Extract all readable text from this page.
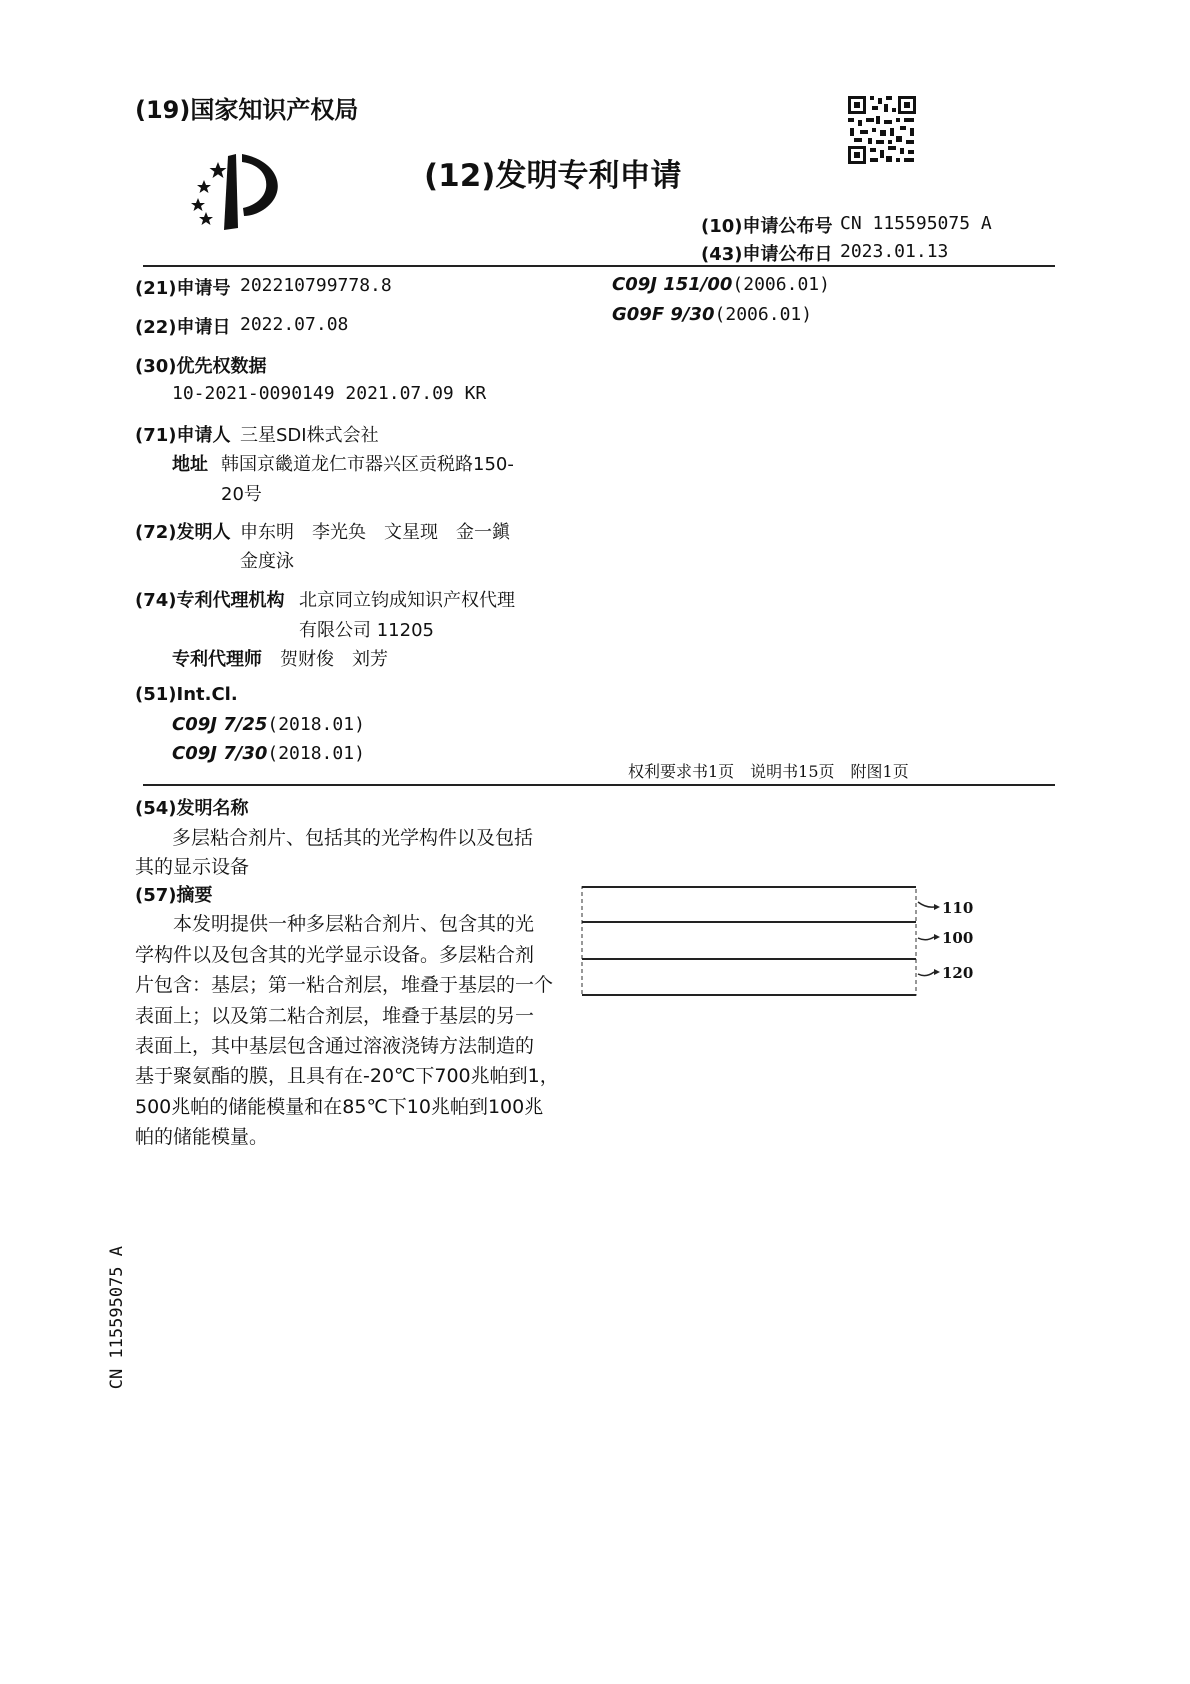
(19)国家知识产权局
(12)发明专利申请
(10)申请公布号 CN 115595075 A
(43)申请公布日 2023.01.13
(21)申请号 202210799778.8
(22)申请日 2022.07.08
(30)优先权数据
10-2021-0090149 2021.07.09 KR
(71)申请人 三星SDI株式会社
地址 韩国京畿道龙仁市器兴区贡税路150-
20号
(72)发明人 申东明　李光奂　文星现　金一鎭
金度泳
(74)专利代理机构 北京同立钧成知识产权代理
有限公司 11205
专利代理师 贺财俊　刘芳
(51)Int.Cl.
C09J 7/25(2018.01)
C09J 7/30(2018.01)
C09J 151/00(2006.01)
G09F 9/30(2006.01)
权利要求书1页　说明书15页　附图1页
(54)发明名称
多层粘合剂片、包括其的光学构件以及包括
其的显示设备
(57)摘要
　　本发明提供一种多层粘合剂片、包含其的光
学构件以及包含其的光学显示设备。多层粘合剂
片包含：基层；第一粘合剂层，堆叠于基层的一个
表面上；以及第二粘合剂层，堆叠于基层的另一
表面上，其中基层包含通过溶液浇铸方法制造的
基于聚氨酯的膜，且具有在-20℃下700兆帕到1，
500兆帕的储能模量和在85℃下10兆帕到100兆
帕的储能模量。
110
100
120
CN 115595075 A
